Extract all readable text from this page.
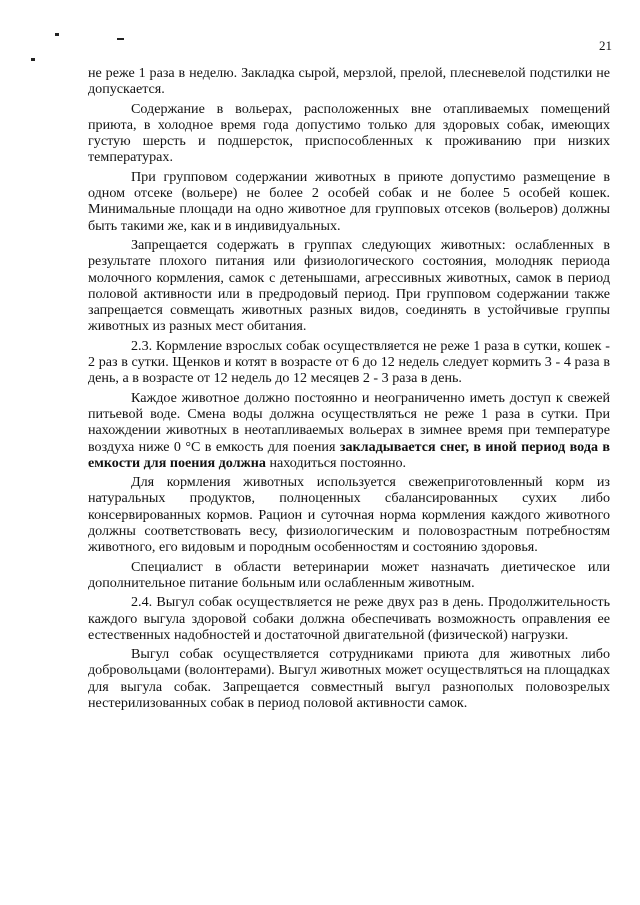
21

не реже 1 раза в неделю. Закладка сырой, мерзлой, прелой, плесневелой подстилки не допускается.

Содержание в вольерах, расположенных вне отапливаемых помещений приюта, в холодное время года допустимо только для здоровых собак, имеющих густую шерсть и подшерсток, приспособленных к проживанию при низких температурах.

При групповом содержании животных в приюте допустимо размещение в одном отсеке (вольере) не более 2 особей собак и не более 5 особей кошек. Минимальные площади на одно животное для групповых отсеков (вольеров) должны быть такими же, как и в индивидуальных.

Запрещается содержать в группах следующих животных: ослабленных в результате плохого питания или физиологического состояния, молодняк периода молочного кормления, самок с детенышами, агрессивных животных, самок в период половой активности или в предродовый период. При групповом содержании также запрещается совмещать животных разных видов, соединять в устойчивые группы животных из разных мест обитания.

2.3. Кормление взрослых собак осуществляется не реже 1 раза в сутки, кошек - 2 раз в сутки. Щенков и котят в возрасте от 6 до 12 недель следует кормить 3 - 4 раза в день, а в возрасте от 12 недель до 12 месяцев 2 - 3 раза в день.

Каждое животное должно постоянно и неограниченно иметь доступ к свежей питьевой воде. Смена воды должна осуществляться не реже 1 раза в сутки. При нахождении животных в неотапливаемых вольерах в зимнее время при температуре воздуха ниже 0 °С в емкость для поения закладывается снег, в иной период вода в емкости для поения должна находиться постоянно.

Для кормления животных используется свежеприготовленный корм из натуральных продуктов, полноценных сбалансированных сухих либо консервированных кормов. Рацион и суточная норма кормления каждого животного должны соответствовать весу, физиологическим и половозрастным потребностям животного, его видовым и породным особенностям и состоянию здоровья.

Специалист в области ветеринарии может назначать диетическое или дополнительное питание больным или ослабленным животным.

2.4. Выгул собак осуществляется не реже двух раз в день. Продолжительность каждого выгула здоровой собаки должна обеспечивать возможность оправления ее естественных надобностей и достаточной двигательной (физической) нагрузки.

Выгул собак осуществляется сотрудниками приюта для животных либо добровольцами (волонтерами). Выгул животных может осуществляться на площадках для выгула собак. Запрещается совместный выгул разнополых половозрелых нестерилизованных собак в период половой активности самок.
